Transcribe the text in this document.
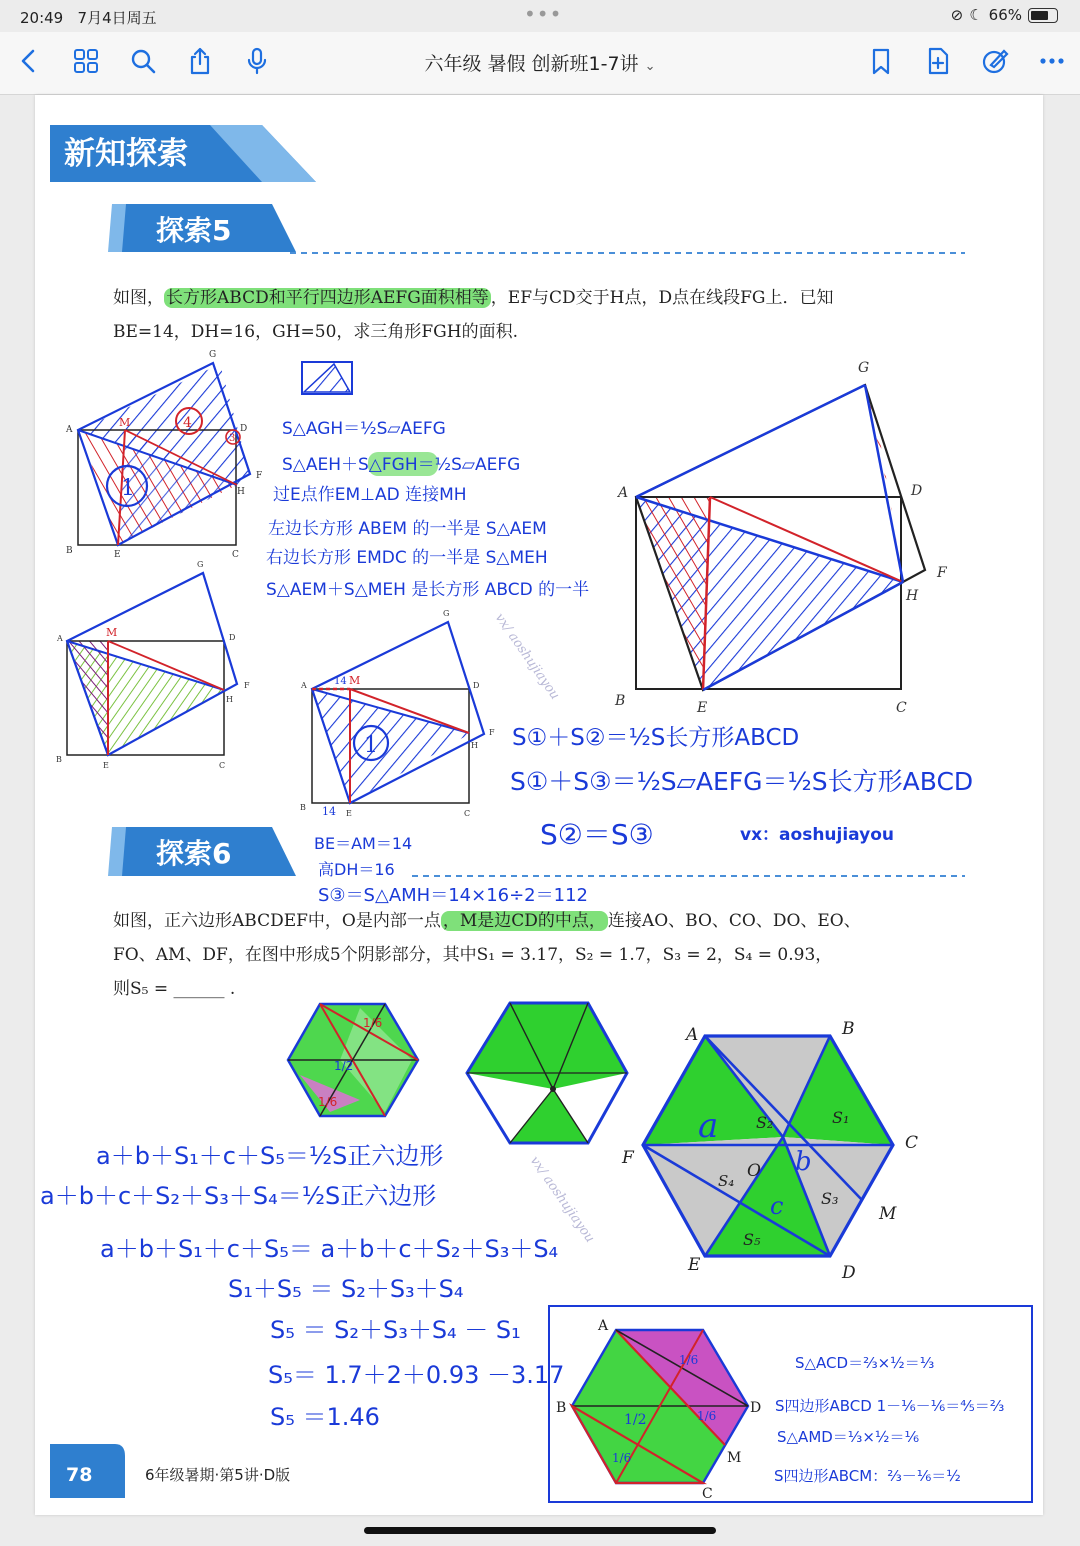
20:49 7月4日周五	•••	⊘ ☾ 66%
六年级 暑假 创新班1-7讲 ⌄
新知探索
探索5
A
B	C
D
E
F
G
H
M	4
3
1
A
B
C
D
E
F
G
H
M
A
B
C
D
E
F
G
H
M
14
14
1
A
B	C
D
E
F
G
H
S△AGH＝½S▱AEFG
S△AEH＋S△FGH＝½S▱AEFG
过E点作EM⊥AD 连接MH
左边长方形 ABEM 的一半是 S△AEM
右边长方形 EMDC 的一半是 S△MEH
S△AEM＋S△MEH 是长方形 ABCD 的一半
S①＋S②＝½S长方形ABCD
S①＋S③＝½S▱AEFG＝½S长方形ABCD
S②＝S③	vx：aoshujiayou
BE＝AM＝14
高DH＝16
S③＝S△AMH＝14×16÷2＝112
探索6
vx/ aoshujiayou
vx/ aoshujiayou
1/6
1/2
1/6
A	B
C
D
E
F
M
O
S₁
S₂
S₃
S₄
S₅
a
b
c
a＋b＋S₁＋c＋S₅＝½S正六边形
a＋b＋c＋S₂＋S₃＋S₄＝½S正六边形
a＋b＋S₁＋c＋S₅＝ a＋b＋c＋S₂＋S₃＋S₄
S₁＋S₅ ＝ S₂＋S₃＋S₄
S₅ ＝ S₂＋S₃＋S₄ － S₁
S₅＝ 1.7＋2＋0.93 －3.17
S₅ ＝1.46
A
B
C
D
M
1/6
1/2	1/6
1/6
S△ACD＝⅔×½＝⅓
S四边形ABCD 1－⅙－⅙＝⅘＝⅔
S△AMD＝⅓×½＝⅙
S四边形ABCM：⅔－⅙＝½
78	6年级暑期·第5讲·D版
如图， 长方形ABCD和平行四边形AEFG面积相等 ，EF与CD交于H点，D点在线段FG上．已知
BE=14，DH=16，GH=50，求三角形FGH的面积.
如图，正六边形ABCDEF中，O是内部一点 ，M是边CD的中点， 连接AO、BO、CO、DO、EO、
FO、AM、DF，在图中形成5个阴影部分，其中S₁ = 3.17，S₂ = 1.7，S₃ = 2，S₄ = 0.93，
则S₅ = ______ .
